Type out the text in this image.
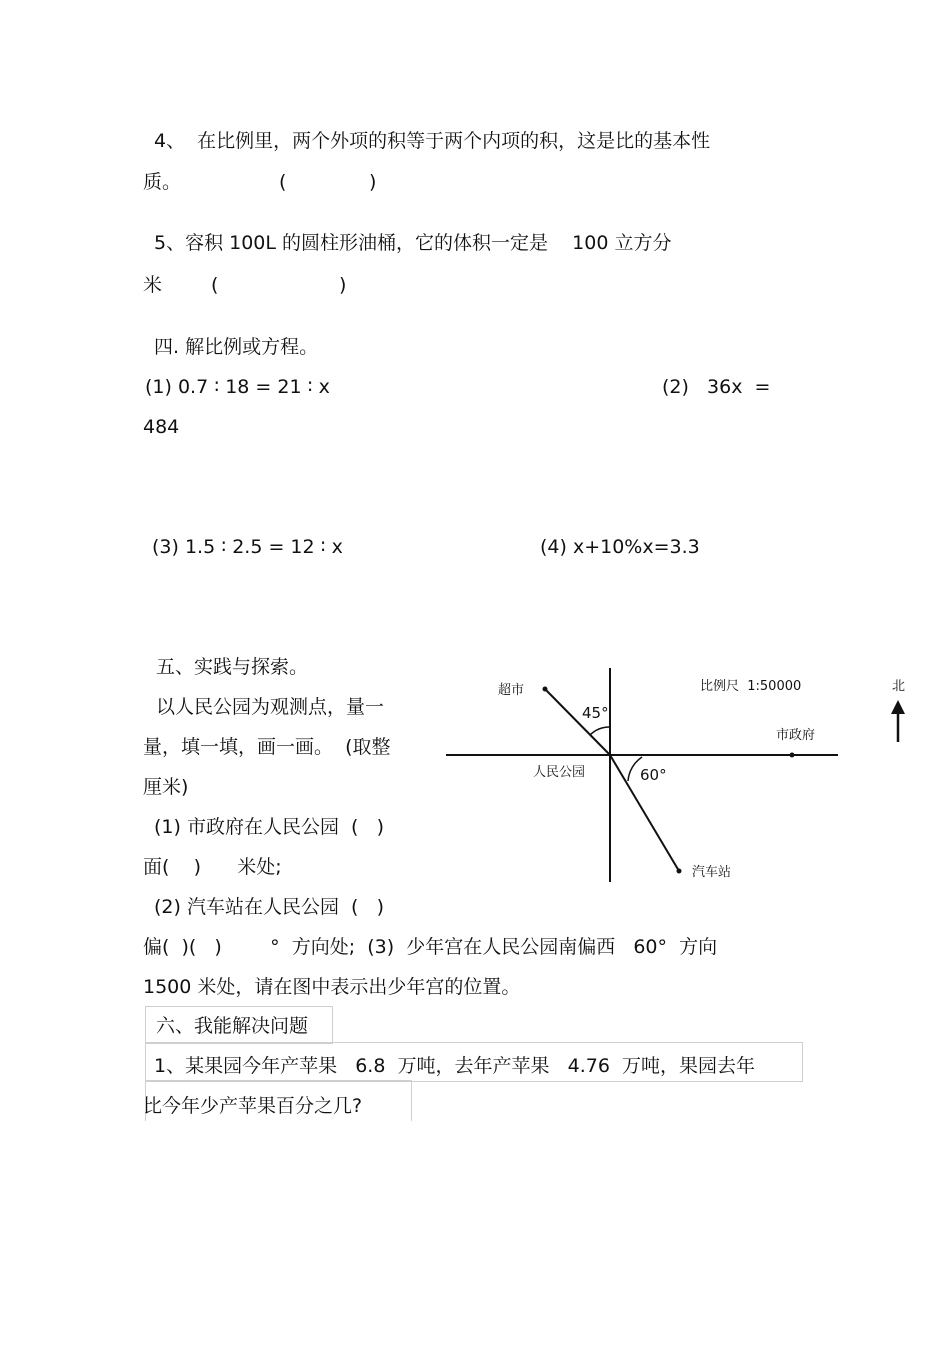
4、  在比例里，两个外项的积等于两个内项的积，这是比的基本性
质。	(	)
5、容积 100L 的圆柱形油桶，它的体积一定是    100 立方分
米	(	)
四. 解比例或方程。
(1) 0.7 ∶ 18 = 21 ∶ x	(2)   36x  =
484
(3) 1.5 ∶ 2.5 = 12 ∶ x	(4) x+10%x=3.3
五、实践与探索。
以人民公园为观测点，量一
量，填一填，画一画。  (取整
厘米)
(1) 市政府在人民公园  (   )
面(    )      米处;
(2) 汽车站在人民公园  (   )
偏(  )(   )        °  方向处;  (3)  少年宫在人民公园南偏西   60°  方向
1500 米处，请在图中表示出少年宫的位置。
超市	比例尺  1:50000	北
市政府
人民公园
汽车站
45°
60°
六、我能解决问题
1、某果园今年产苹果   6.8  万吨，去年产苹果   4.76  万吨，果园去年
比今年少产苹果百分之几?
